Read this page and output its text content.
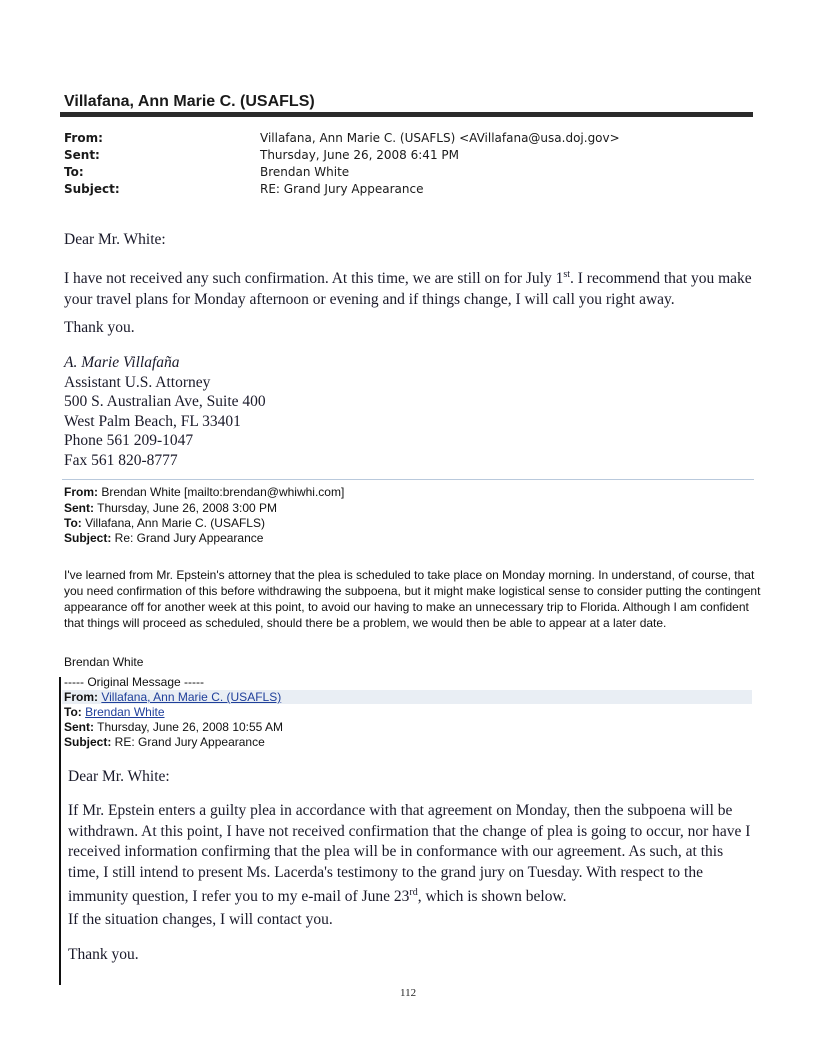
Villafana, Ann Marie C. (USAFLS)
From:	Villafana, Ann Marie C. (USAFLS) <AVillafana@usa.doj.gov>
Sent:	Thursday, June 26, 2008 6:41 PM
To:	Brendan White
Subject:	RE: Grand Jury Appearance
Dear Mr. White:
I have not received any such confirmation. At this time, we are still on for July 1st. I recommend that you make your travel plans for Monday afternoon or evening and if things change, I will call you right away.
Thank you.
A. Marie Villafaña
Assistant U.S. Attorney
500 S. Australian Ave, Suite 400
West Palm Beach, FL 33401
Phone 561 209-1047
Fax 561 820-8777
From: Brendan White [mailto:brendan@whiwhi.com]
Sent: Thursday, June 26, 2008 3:00 PM
To: Villafana, Ann Marie C. (USAFLS)
Subject: Re: Grand Jury Appearance
I've learned from Mr. Epstein's attorney that the plea is scheduled to take place on Monday morning. In understand, of course, that you need confirmation of this before withdrawing the subpoena, but it might make logistical sense to consider putting the contingent appearance off for another week at this point, to avoid our having to make an unnecessary trip to Florida. Although I am confident that things will proceed as scheduled, should there be a problem, we would then be able to appear at a later date.
Brendan White
----- Original Message -----
From: Villafana, Ann Marie C. (USAFLS)
To: Brendan White
Sent: Thursday, June 26, 2008 10:55 AM
Subject: RE: Grand Jury Appearance
Dear Mr. White:
If Mr. Epstein enters a guilty plea in accordance with that agreement on Monday, then the subpoena will be withdrawn. At this point, I have not received confirmation that the change of plea is going to occur, nor have I received information confirming that the plea will be in conformance with our agreement. As such, at this time, I still intend to present Ms. Lacerda's testimony to the grand jury on Tuesday. With respect to the immunity question, I refer you to my e-mail of June 23rd, which is shown below.
If the situation changes, I will contact you.
Thank you.
112
